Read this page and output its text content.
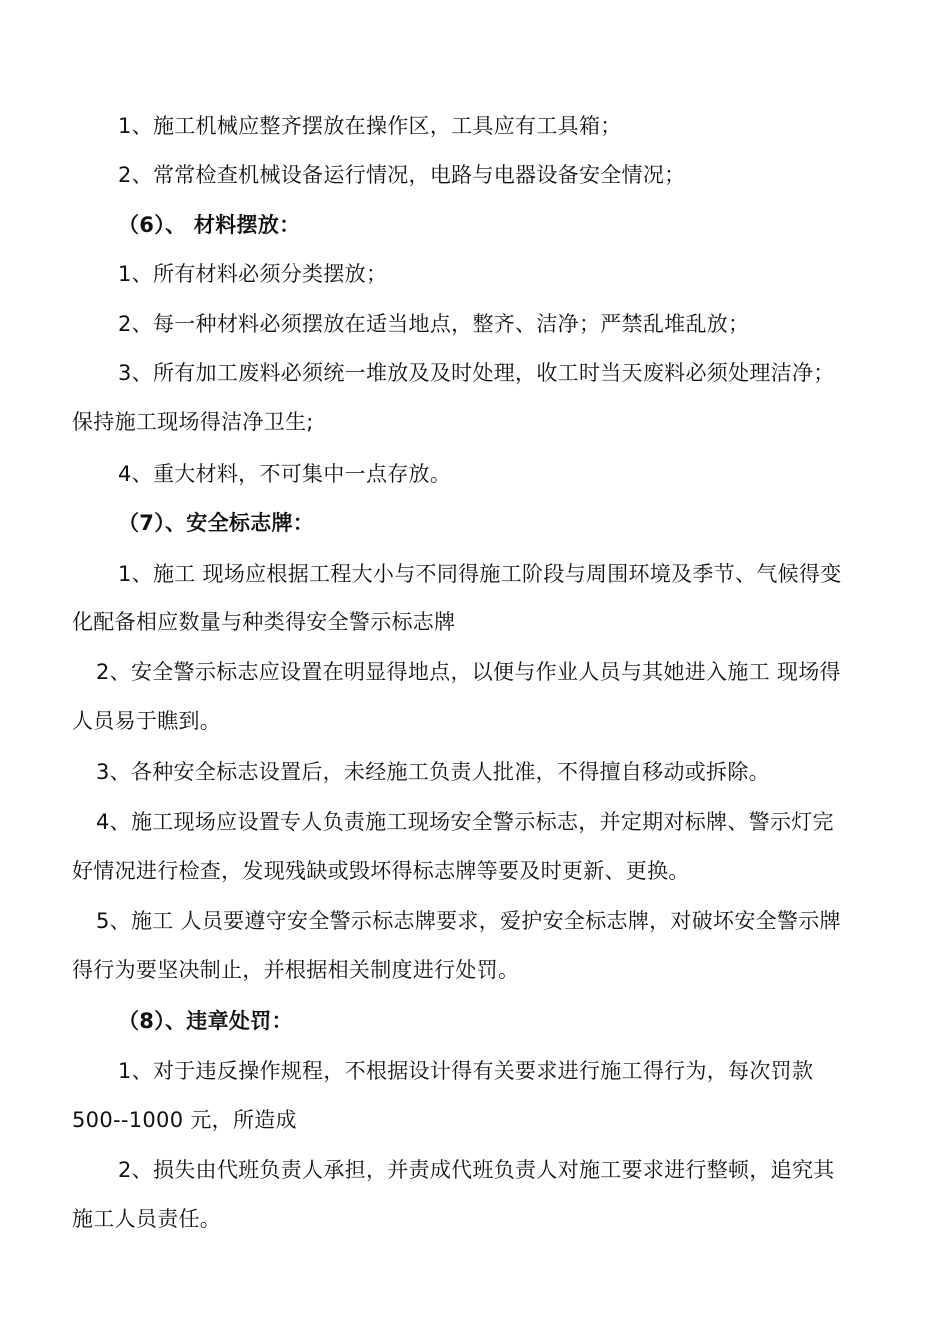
1、施工机械应整齐摆放在操作区，工具应有工具箱；
2、常常检查机械设备运行情况，电路与电器设备安全情况；
（6）、 材料摆放：
1、所有材料必须分类摆放；
2、每一种材料必须摆放在适当地点，整齐、洁净；严禁乱堆乱放；
3、所有加工废料必须统一堆放及及时处理，收工时当天废料必须处理洁净；
保持施工现场得洁净卫生;
4、重大材料，不可集中一点存放。
（7）、安全标志牌：
1、施工 现场应根据工程大小与不同得施工阶段与周围环境及季节、气候得变
化配备相应数量与种类得安全警示标志牌
2、安全警示标志应设置在明显得地点，以便与作业人员与其她进入施工 现场得
人员易于瞧到。
3、各种安全标志设置后，未经施工负责人批准，不得擅自移动或拆除。
4、施工现场应设置专人负责施工现场安全警示标志，并定期对标牌、警示灯完
好情况进行检查，发现残缺或毁坏得标志牌等要及时更新、更换。
5、施工 人员要遵守安全警示标志牌要求，爱护安全标志牌，对破坏安全警示牌
得行为要坚决制止，并根据相关制度进行处罚。
（8）、违章处罚：
1、对于违反操作规程，不根据设计得有关要求进行施工得行为，每次罚款
500--1000 元，所造成
2、损失由代班负责人承担，并责成代班负责人对施工要求进行整顿，追究其
施工人员责任。
